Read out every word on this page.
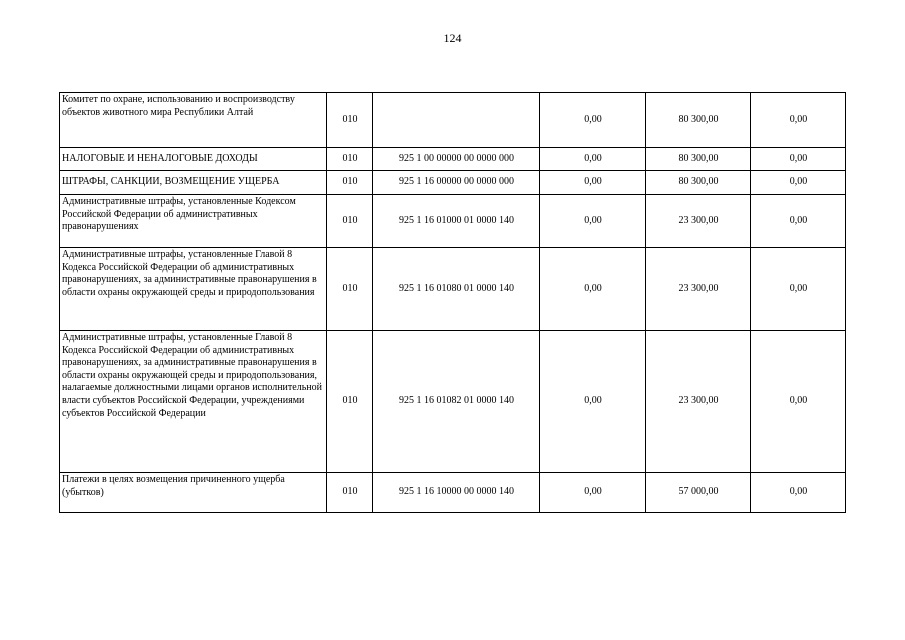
124
Комитет по охране, использованию и воспроизводству объектов животного мира Республики Алтай	010		0,00	80 300,00	0,00
НАЛОГОВЫЕ И НЕНАЛОГОВЫЕ ДОХОДЫ	010	925 1 00 00000 00 0000 000	0,00	80 300,00	0,00
ШТРАФЫ, САНКЦИИ, ВОЗМЕЩЕНИЕ УЩЕРБА	010	925 1 16 00000 00 0000 000	0,00	80 300,00	0,00
Административные штрафы, установленные Кодексом Российской Федерации об административных правонарушениях	010	925 1 16 01000 01 0000 140	0,00	23 300,00	0,00
Административные штрафы, установленные Главой 8 Кодекса Российской Федерации об административных правонарушениях, за административные правонарушения в области охраны окружающей среды и природопользования	010	925 1 16 01080 01 0000 140	0,00	23 300,00	0,00
Административные штрафы, установленные Главой 8 Кодекса Российской Федерации об административных правонарушениях, за административные правонарушения в области охраны окружающей среды и природопользования, налагаемые должностными лицами органов исполнительной власти субъектов Российской Федерации, учреждениями субъектов Российской Федерации	010	925 1 16 01082 01 0000 140	0,00	23 300,00	0,00
Платежи в целях возмещения причиненного ущерба (убытков)	010	925 1 16 10000 00 0000 140	0,00	57 000,00	0,00
